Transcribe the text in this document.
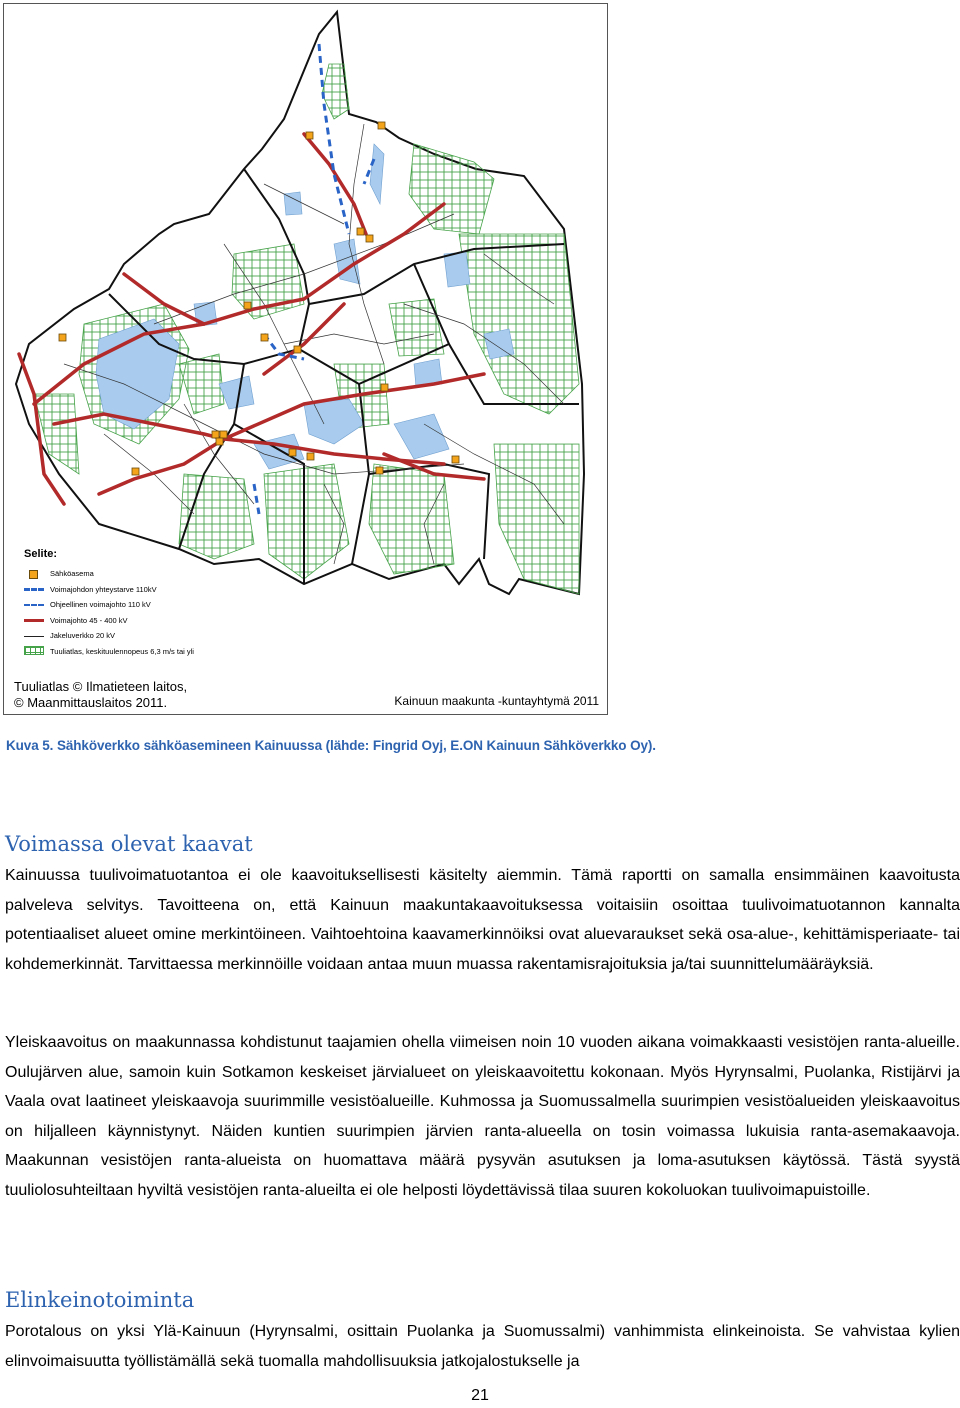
Selite:
Sähköasema
Voimajohdon yhteystarve 110kV
Ohjeellinen voimajohto 110 kV
Voimajohto 45 - 400 kV
Jakeluverkko 20 kV
Tuuliatlas, keskituulennopeus 6,3 m/s tai yli
Tuuliatlas © Ilmatieteen laitos,
© Maanmittauslaitos 2011.	Kainuun maakunta -kuntayhtymä 2011
Kuva 5. Sähköverkko sähköasemineen Kainuussa (lähde: Fingrid Oyj, E.ON Kainuun Sähköverkko Oy).
Voimassa olevat kaavat

Kainuussa tuulivoimatuotantoa ei ole kaavoituksellisesti käsitelty aiemmin. Tämä raportti on samalla ensimmäinen kaavoitusta palveleva selvitys. Tavoitteena on, että Kainuun maakuntakaavoituksessa voitaisiin osoittaa tuulivoimatuotannon kannalta potentiaaliset alueet omine merkintöineen. Vaihtoehtoina kaavamerkinnöiksi ovat aluevaraukset sekä osa-alue-, kehittämisperiaate- tai kohdemerkinnät. Tarvittaessa merkinnöille voidaan antaa muun muassa rakentamisrajoituksia ja/tai suunnittelumääräyksiä.

Yleiskaavoitus on maakunnassa kohdistunut taajamien ohella viimeisen noin 10 vuoden aikana voimakkaasti vesistöjen ranta-alueille. Oulujärven alue, samoin kuin Sotkamon keskeiset järvialueet on yleiskaavoitettu kokonaan. Myös Hyrynsalmi, Puolanka, Ristijärvi ja Vaala ovat laatineet yleiskaavoja suurimmille vesistöalueille. Kuhmossa ja Suomussalmella suurimpien vesistöalueiden yleiskaavoitus on hiljalleen käynnistynyt. Näiden kuntien suurimpien järvien ranta-alueella on tosin voimassa lukuisia ranta-asemakaavoja. Maakunnan vesistöjen ranta-alueista on huomattava määrä pysyvän asutuksen ja loma-asutuksen käytössä. Tästä syystä tuuliolosuhteiltaan hyviltä vesistöjen ranta-alueilta ei ole helposti löydettävissä tilaa suuren kokoluokan tuulivoimapuistoille.

Elinkeinotoiminta

Porotalous on yksi Ylä-Kainuun (Hyrynsalmi, osittain Puolanka ja Suomussalmi) vanhimmista elinkeinoista. Se vahvistaa kylien elinvoimaisuutta työllistämällä sekä tuomalla mahdollisuuksia jatkojalostukselle ja

21
